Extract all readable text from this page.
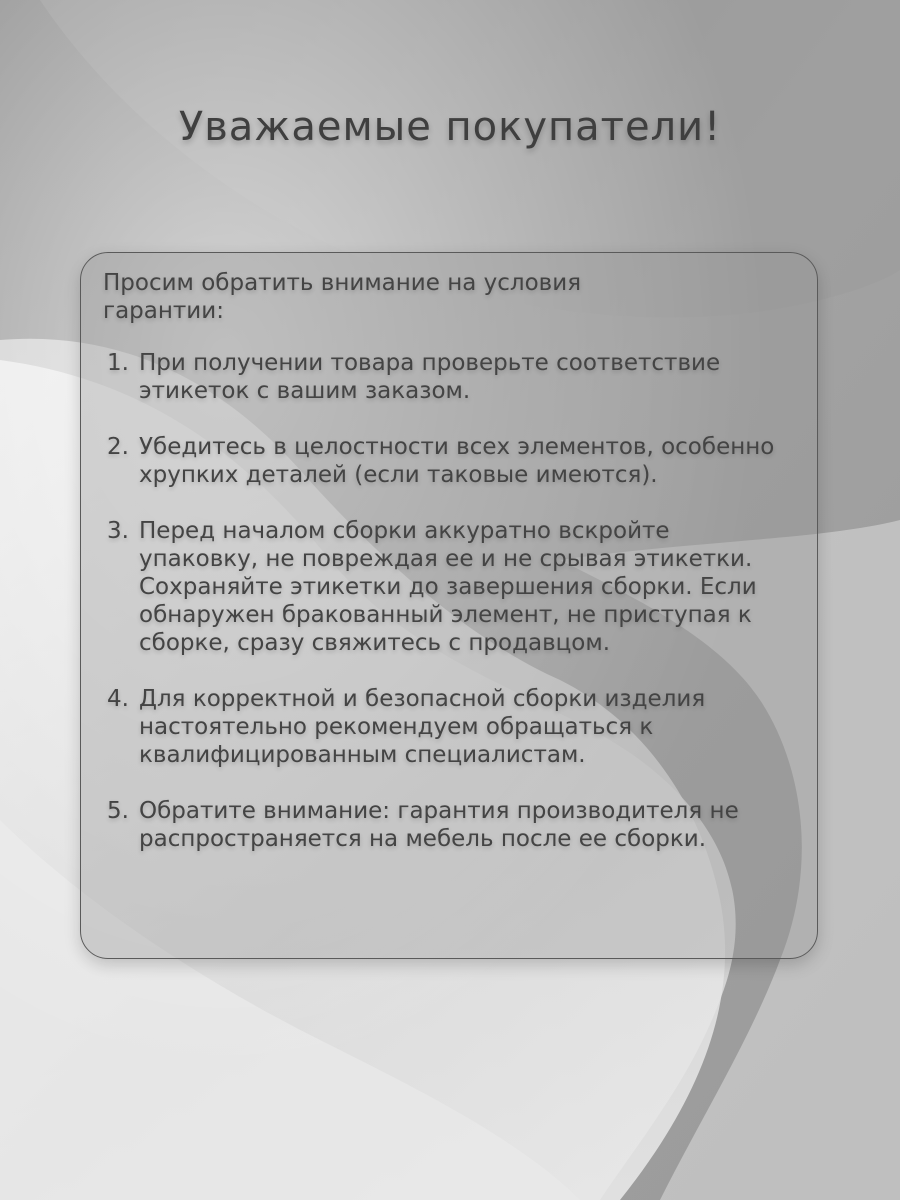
Уважаемые покупатели!

Просим обратить внимание на условия гарантии:

1. При получении товара проверьте соответствие этикеток с вашим заказом.
2. Убедитесь в целостности всех элементов, особенно хрупких деталей (если таковые имеются).
3. Перед началом сборки аккуратно вскройте упаковку, не повреждая ее и не срывая этикетки. Сохраняйте этикетки до завершения сборки. Если обнаружен бракованный элемент, не приступая к сборке, сразу свяжитесь с продавцом.
4. Для корректной и безопасной сборки изделия настоятельно рекомендуем обращаться к квалифицированным специалистам.
5. Обратите внимание: гарантия производителя не распространяется на мебель после ее сборки.
